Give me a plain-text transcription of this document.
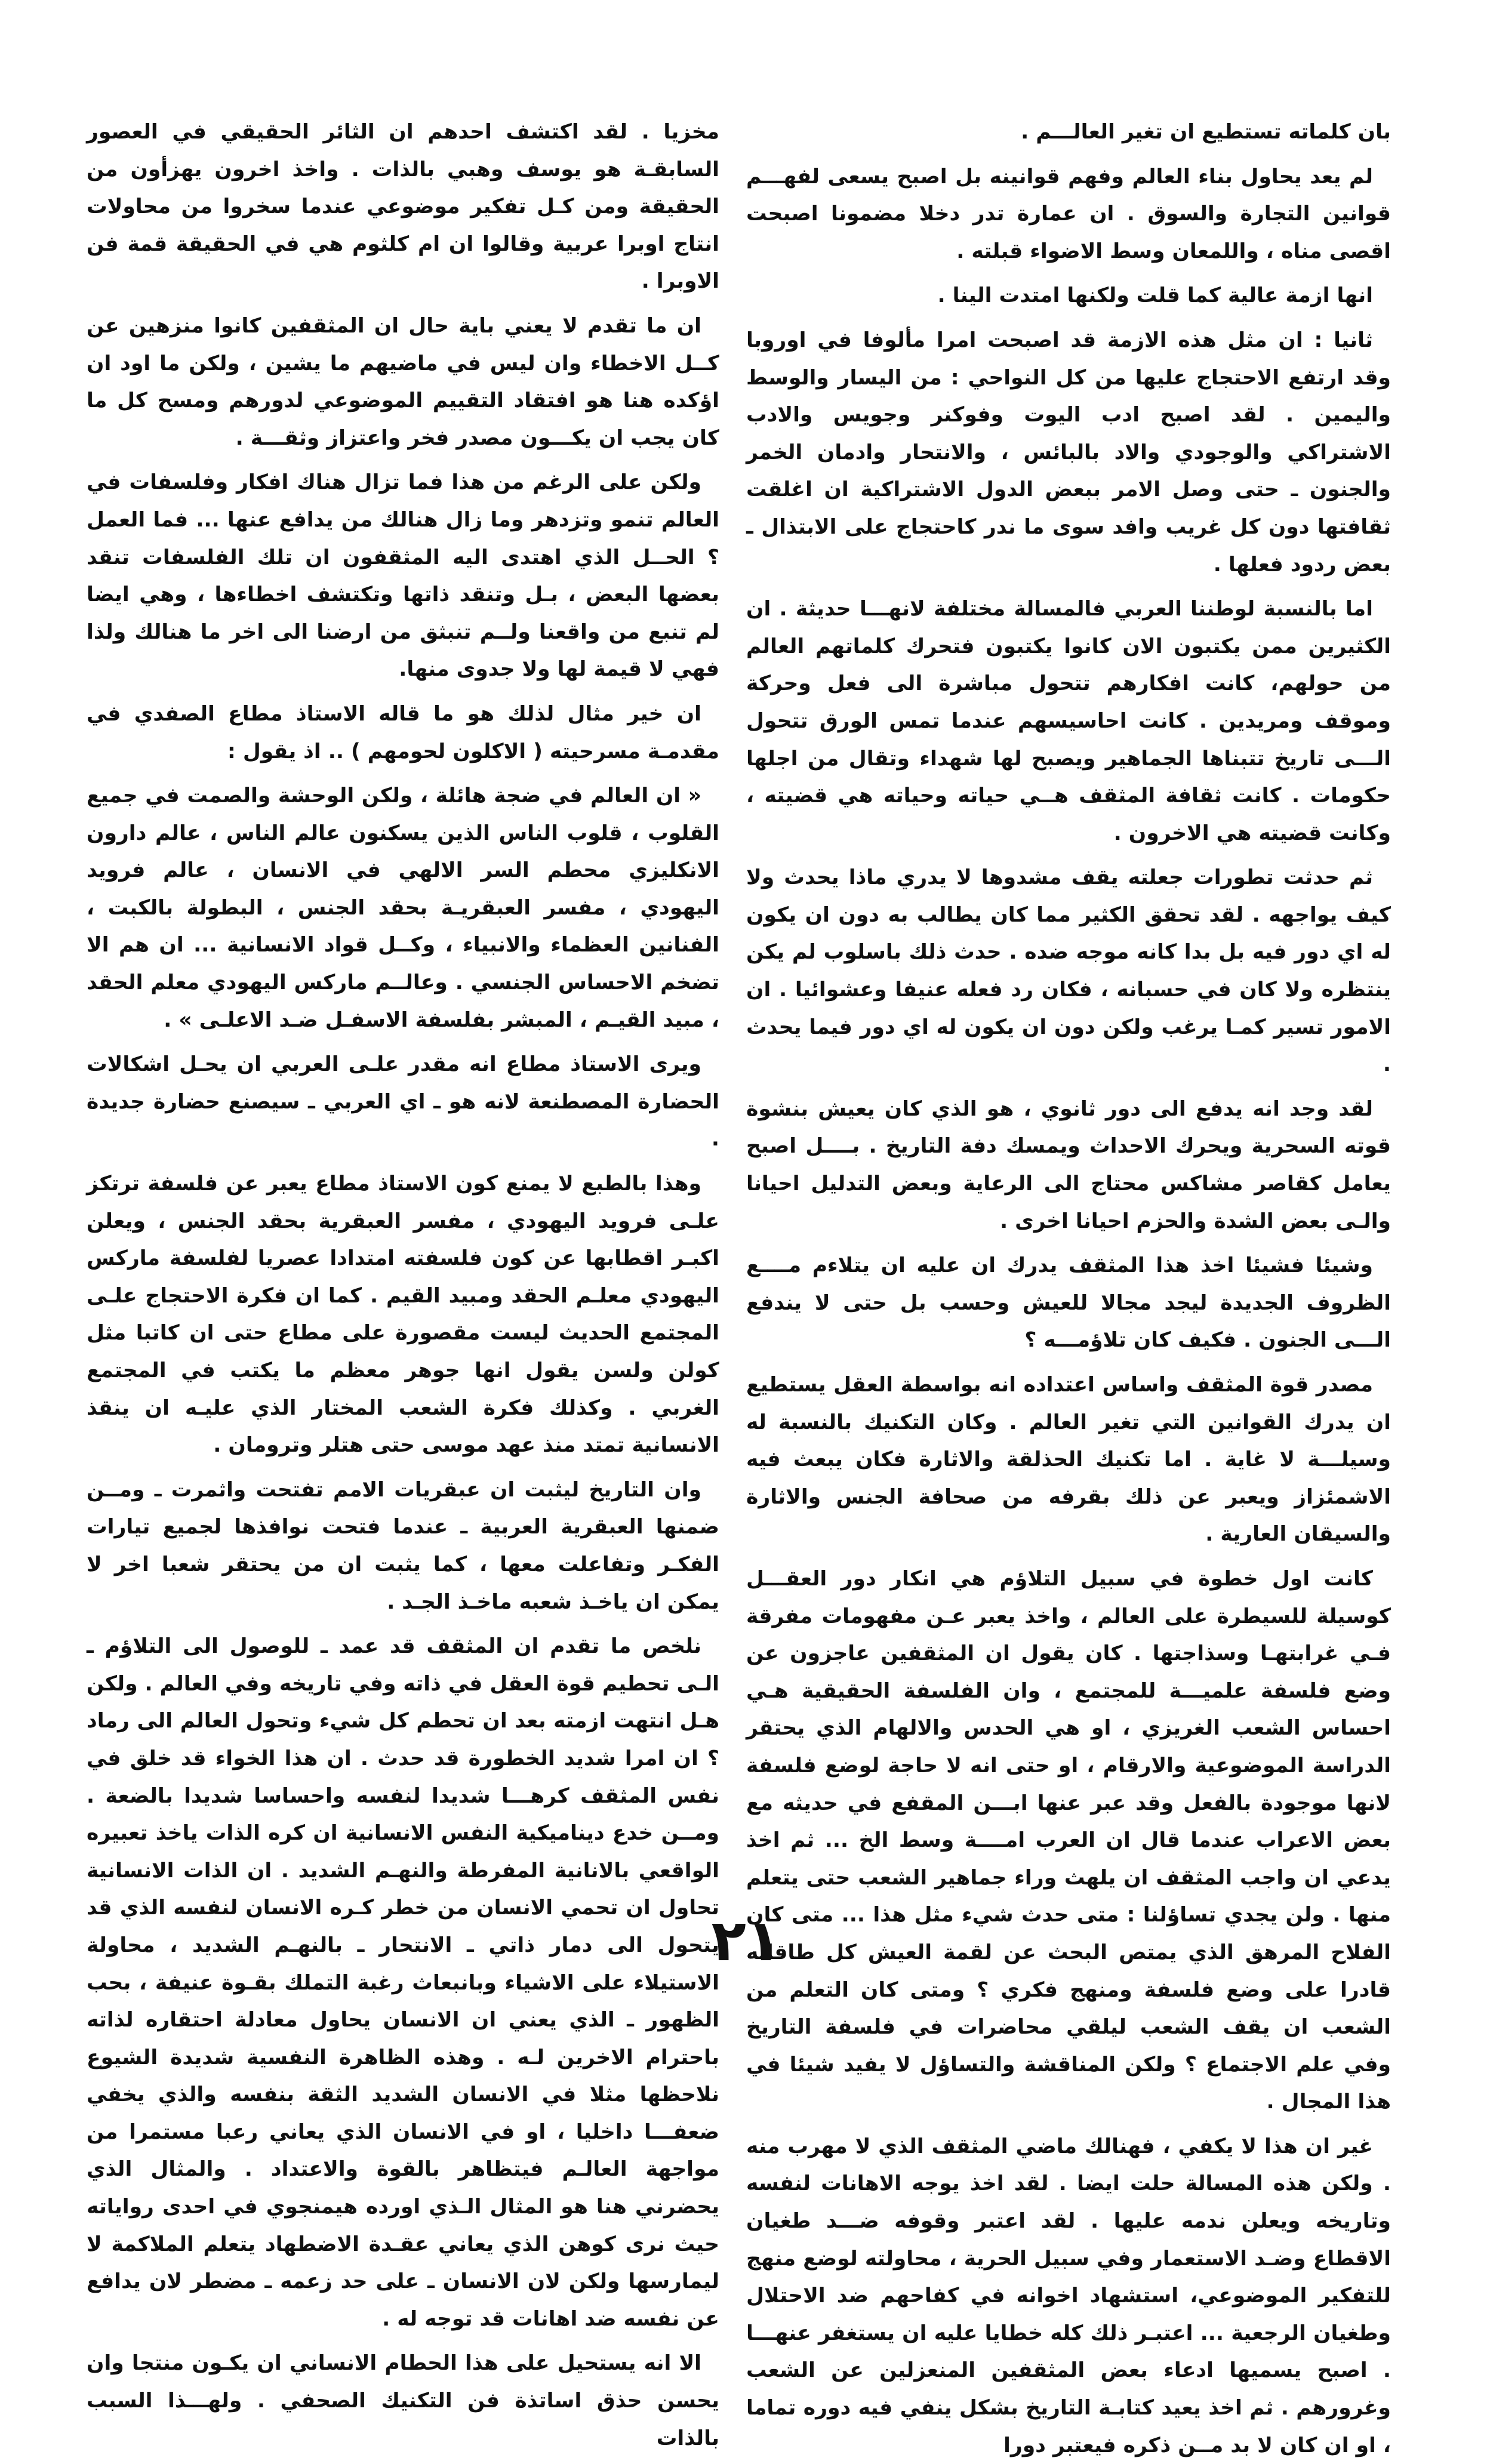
بان كلماته تستطيع ان تغير العالـــم .

لم يعد يحاول بناء العالم وفهم قوانينه بل اصبح يسعى لفهـــم قوانين التجارة والسوق . ان عمارة تدر دخلا مضمونا اصبحت اقصى مناه ، واللمعان وسط الاضواء قبلته .

انها ازمة عالية كما قلت ولكنها امتدت الينا .

ثانيا : ان مثل هذه الازمة قد اصبحت امرا مألوفا في اوروبا وقد ارتفع الاحتجاج عليها من كل النواحي : من اليسار والوسط واليمين . لقد اصبح ادب اليوت وفوكنر وجويس والادب الاشتراكي والوجودي والاد بالبائس ، والانتحار وادمان الخمر والجنون ـ حتى وصل الامر ببعض الدول الاشتراكية ان اغلقت ثقافتها دون كل غريب وافد سوى ما ندر كاحتجاج على الابتذال ـ بعض ردود فعلها .

اما بالنسبة لوطننا العربي فالمسالة مختلفة لانهـــا حديثة . ان الكثيرين ممن يكتبون الان كانوا يكتبون فتحرك كلماتهم العالم من حولهم، كانت افكارهم تتحول مباشرة الى فعل وحركة وموقف ومريدين . كانت احاسيسهم عندما تمس الورق تتحول الـــى تاريخ تتبناها الجماهير ويصبح لها شهداء وتقال من اجلها حكومات . كانت ثقافة المثقف هــي حياته وحياته هي قضيته ، وكانت قضيته هي الاخرون .

ثم حدثت تطورات جعلته يقف مشدوها لا يدري ماذا يحدث ولا كيف يواجهه . لقد تحقق الكثير مما كان يطالب به دون ان يكون له اي دور فيه بل بدا كانه موجه ضده . حدث ذلك باسلوب لم يكن ينتظره ولا كان في حسبانه ، فكان رد فعله عنيفا وعشوائيا . ان الامور تسير كمـا يرغب ولكن دون ان يكون له اي دور فيما يحدث .

لقد وجد انه يدفع الى دور ثانوي ، هو الذي كان يعيش بنشوة قوته السحرية ويحرك الاحداث ويمسك دفة التاريخ . بــــل اصبح يعامل كقاصر مشاكس محتاج الى الرعاية وبعض التدليل احيانا والـى بعض الشدة والحزم احيانا اخرى .

وشيئا فشيئا اخذ هذا المثقف يدرك ان عليه ان يتلاءم مــــع الظروف الجديدة ليجد مجالا للعيش وحسب بل حتى لا يندفع الـــى الجنون . فكيف كان تلاؤمـــه ؟

مصدر قوة المثقف واساس اعتداده انه بواسطة العقل يستطيع ان يدرك القوانين التي تغير العالم . وكان التكنيك بالنسبة له وسيلـــة لا غاية . اما تكنيك الحذلقة والاثارة فكان يبعث فيه الاشمئزاز ويعبر عن ذلك بقرفه من صحافة الجنس والاثارة والسيقان العارية .

كانت اول خطوة في سبيل التلاؤم هي انكار دور العقـــل كوسيلة للسيطرة على العالم ، واخذ يعبر عـن مفهومات مفرقة فـي غرابتهـا وسذاجتها . كان يقول ان المثقفين عاجزون عن وضع فلسفة علميـــة للمجتمع ، وان الفلسفة الحقيقية هـي احساس الشعب الغريزي ، او هي الحدس والالهام الذي يحتقر الدراسة الموضوعية والارقام ، او حتى انه لا حاجة لوضع فلسفة لانها موجودة بالفعل وقد عبر عنها ابـــن المقفع في حديثه مع بعض الاعراب عندما قال ان العرب امــــة وسط الخ ... ثم اخذ يدعي ان واجب المثقف ان يلهث وراء جماهير الشعب حتى يتعلم منها . ولن يجدي تساؤلنا : متى حدث شيء مثل هذا ... متى كان الفلاح المرهق الذي يمتص البحث عن لقمة العيش كل طاقاته قادرا على وضع فلسفة ومنهج فكري ؟ ومتى كان التعلم من الشعب ان يقف الشعب ليلقي محاضرات في فلسفة التاريخ وفي علم الاجتماع ؟ ولكن المناقشة والتساؤل لا يفيد شيئا في هذا المجال .

غير ان هذا لا يكفي ، فهنالك ماضي المثقف الذي لا مهرب منه . ولكن هذه المسالة حلت ايضا . لقد اخذ يوجه الاهانات لنفسه وتاريخه ويعلن ندمه عليها . لقد اعتبر وقوفه ضـــد طغيان الاقطاع وضـد الاستعمار وفي سبيل الحرية ، محاولته لوضع منهج للتفكير الموضوعي، استشهاد اخوانه في كفاحهم ضد الاحتلال وطغيان الرجعية ... اعتبـر ذلك كله خطايا عليه ان يستغفر عنهـــا . اصبح يسميها ادعاء بعض المثقفين المنعزلين عن الشعب وغرورهم . ثم اخذ يعيد كتابـة التاريخ بشكل ينفي فيه دوره تماما ، او ان كان لا بد مــن ذكره فيعتبر دورا

مخزيا . لقد اكتشف احدهم ان الثائر الحقيقي في العصور السابقـة هو يوسف وهبي بالذات . واخذ اخرون يهزأون من الحقيقة ومن كـل تفكير موضوعي عندما سخروا من محاولات انتاج اوبرا عربية وقالوا ان ام كلثوم هي في الحقيقة قمة فن الاوبرا .

ان ما تقدم لا يعني باية حال ان المثقفين كانوا منزهين عن كــل الاخطاء وان ليس في ماضيهم ما يشين ، ولكن ما اود ان اؤكده هنا هو افتقاد التقييم الموضوعي لدورهم ومسح كل ما كان يجب ان يكـــون مصدر فخر واعتزاز وثقـــة .

ولكن على الرغم من هذا فما تزال هناك افكار وفلسفات في العالم تنمو وتزدهر وما زال هنالك من يدافع عنها ... فما العمل ؟ الحــل الذي اهتدى اليه المثقفون ان تلك الفلسفات تنقد بعضها البعض ، بـل وتنقد ذاتها وتكتشف اخطاءها ، وهي ايضا لم تنبع من واقعنا ولــم تنبثق من ارضنا الى اخر ما هنالك ولذا فهي لا قيمة لها ولا جدوى منها.

ان خير مثال لذلك هو ما قاله الاستاذ مطاع الصفدي في مقدمـة مسرحيته ( الاكلون لحومهم ) .. اذ يقول :

« ان العالم في ضجة هائلة ، ولكن الوحشة والصمت في جميع القلوب ، قلوب الناس الذين يسكنون عالم الناس ، عالم دارون الانكليزي محطم السر الالهي في الانسان ، عالم فرويد اليهودي ، مفسر العبقريـة بحقد الجنس ، البطولة بالكبت ، الفنانين العظماء والانبياء ، وكــل قواد الانسانية ... ان هم الا تضخم الاحساس الجنسي . وعالــم ماركس اليهودي معلم الحقد ، مبيد القيـم ، المبشر بفلسفة الاسفـل ضـد الاعلـى » .

ويرى الاستاذ مطاع انه مقدر علـى العربي ان يحـل اشكالات الحضارة المصطنعة لانه هو ـ اي العربي ـ سيصنع حضارة جديدة .

وهذا بالطبع لا يمنع كون الاستاذ مطاع يعبر عن فلسفة ترتكز علـى فرويد اليهودي ، مفسر العبقرية بحقد الجنس ، ويعلن اكبـر اقطابها عن كون فلسفته امتدادا عصريا لفلسفة ماركس اليهودي معلـم الحقد ومبيد القيم . كما ان فكرة الاحتجاج علـى المجتمع الحديث ليست مقصورة على مطاع حتى ان كاتبا مثل كولن ولسن يقول انها جوهر معظم ما يكتب في المجتمع الغربي . وكذلك فكرة الشعب المختار الذي عليـه ان ينقذ الانسانية تمتد منذ عهد موسى حتى هتلر وترومان .

وان التاريخ ليثبت ان عبقريات الامم تفتحت واثمرت ـ ومــن ضمنها العبقرية العربية ـ عندما فتحت نوافذها لجميع تيارات الفكـر وتفاعلت معها ، كما يثبت ان من يحتقر شعبا اخر لا يمكن ان ياخـذ شعبه ماخـذ الجـد .

نلخص ما تقدم ان المثقف قد عمد ـ للوصول الى التلاؤم ـ الـى تحطيم قوة العقل في ذاته وفي تاريخه وفي العالم . ولكن هـل انتهت ازمته بعد ان تحطم كل شيء وتحول العالم الى رماد ؟ ان امرا شديد الخطورة قد حدث . ان هذا الخواء قد خلق في نفس المثقف كرهـــا شديدا لنفسه واحساسا شديدا بالضعة . ومــن خدع ديناميكية النفس الانسانية ان كره الذات ياخذ تعبيره الواقعي بالانانية المفرطة والنهـم الشديد . ان الذات الانسانية تحاول ان تحمي الانسان من خطر كـره الانسان لنفسه الذي قد يتحول الى دمار ذاتي ـ الانتحار ـ بالنهـم الشديد ، محاولة الاستيلاء على الاشياء وبانبعاث رغبة التملك بقـوة عنيفة ، بحب الظهور ـ الذي يعني ان الانسان يحاول معادلة احتقاره لذاته باحترام الاخرين لـه . وهذه الظاهرة النفسية شديدة الشيوع نلاحظها مثلا في الانسان الشديد الثقة بنفسه والذي يخفي ضعفـــا داخليا ، او في الانسان الذي يعاني رعبا مستمرا من مواجهة العالـم فيتظاهر بالقوة والاعتداد . والمثال الذي يحضرني هنا هو المثال الـذي اورده هيمنجوي في احدى رواياته حيث نرى كوهن الذي يعاني عقـدة الاضطهاد يتعلم الملاكمة لا ليمارسها ولكن لان الانسان ـ على حد زعمه ـ مضطر لان يدافع عن نفسه ضد اهانات قد توجه له .

الا انه يستحيل على هذا الحطام الانساني ان يكـون منتجا وان يحسن حذق اساتذة فن التكنيك الصحفي . ولهـــذا السبب بالذات

٢١
